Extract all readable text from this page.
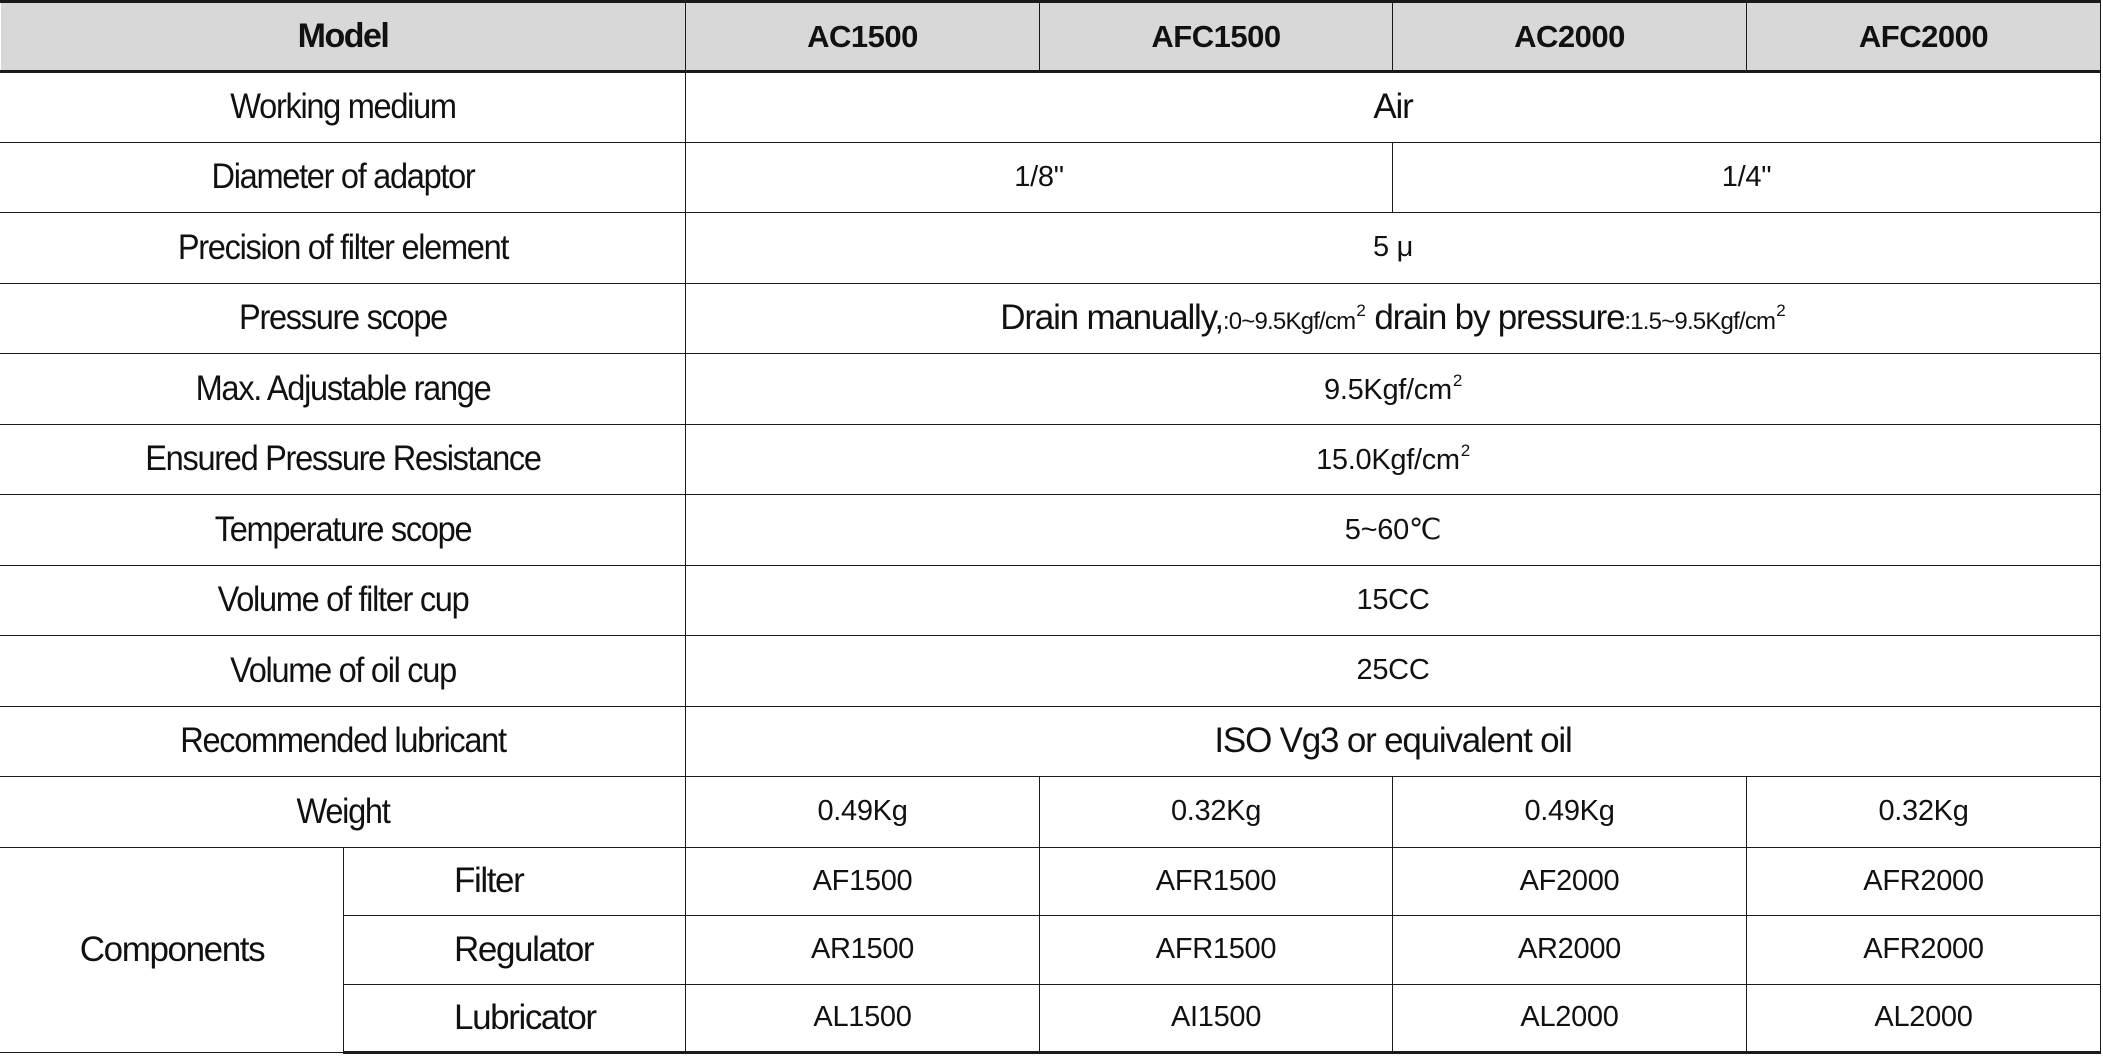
Model		AC1500	AFC1500	AC2000	AFC2000

Working medium		Air			

Diameter of adaptor		1/8"		1/4"	

Precision of filter element		5 μ			

Pressure scope		Drain manually,:0~9.5Kgf/cm2 drain by pressure:1.5~9.5Kgf/cm2			

Max. Adjustable range		$9.5Kgf/cm^2$

Ensured Pressure Resistance		$15.0Kgf/cm^2$

Temperature scope		5~60℃			

Volume of filter cup		15CC			

Volume of oil cup		25CC			

Recommended lubricant		ISO Vg3 or equivalent oil			

Weight		0.49Kg	0.32Kg	0.49Kg	0.32Kg
Components	Filter	AF1500	AFR1500	AF2000	AFR2000
	Regulator	AR1500	AFR1500	AR2000	AFR2000
	Lubricator	AL1500	AI1500	AL2000	AL2000
